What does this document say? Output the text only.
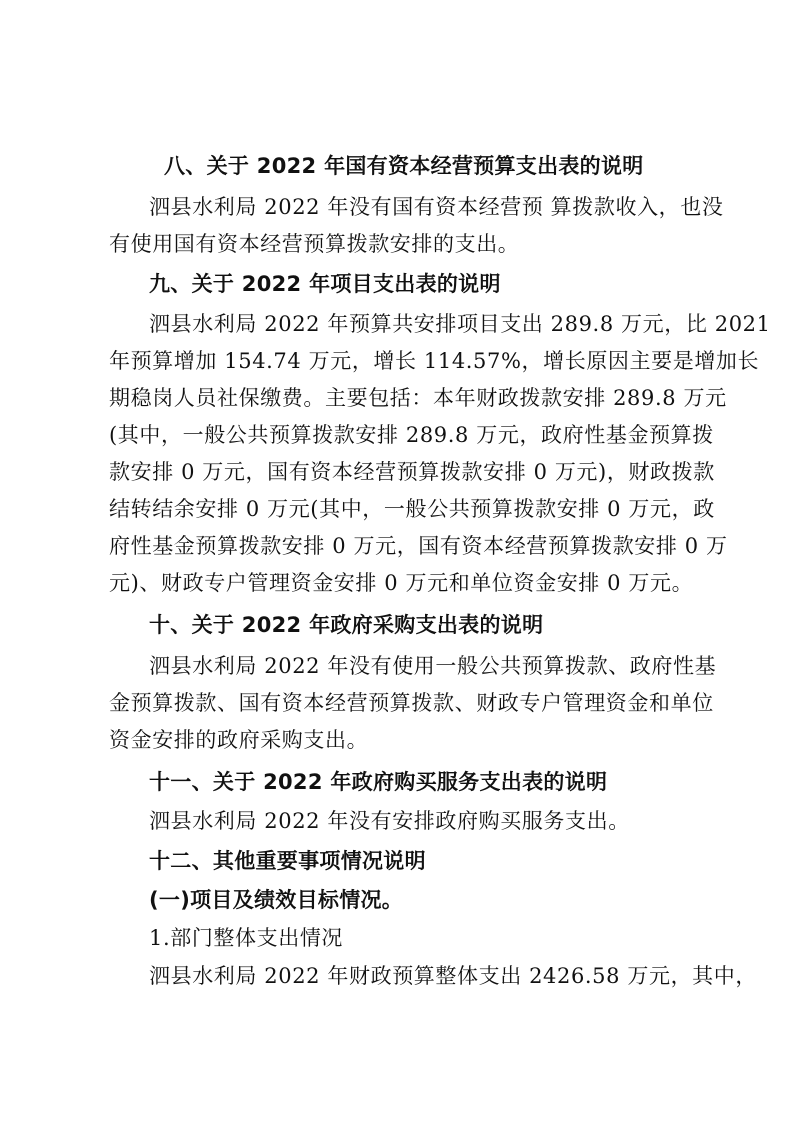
八、关于 2022 年国有资本经营预算支出表的说明
泗县水利局 2022 年没有国有资本经营预 算拨款收入，也没
有使用国有资本经营预算拨款安排的支出。
九、关于 2022 年项目支出表的说明
泗县水利局 2022 年预算共安排项目支出 289.8 万元，比 2021
年预算增加 154.74 万元，增长 114.57%，增长原因主要是增加长
期稳岗人员社保缴费。主要包括：本年财政拨款安排 289.8 万元
(其中，一般公共预算拨款安排 289.8 万元，政府性基金预算拨
款安排 0 万元，国有资本经营预算拨款安排 0 万元)，财政拨款
结转结余安排 0 万元(其中，一般公共预算拨款安排 0 万元，政
府性基金预算拨款安排 0 万元，国有资本经营预算拨款安排 0 万
元)、财政专户管理资金安排 0 万元和单位资金安排 0 万元。
十、关于 2022 年政府采购支出表的说明
泗县水利局 2022 年没有使用一般公共预算拨款、政府性基
金预算拨款、国有资本经营预算拨款、财政专户管理资金和单位
资金安排的政府采购支出。
十一、关于 2022 年政府购买服务支出表的说明
泗县水利局 2022 年没有安排政府购买服务支出。
十二、其他重要事项情况说明
(一)项目及绩效目标情况。
1.部门整体支出情况
泗县水利局 2022 年财政预算整体支出 2426.58 万元，其中，
